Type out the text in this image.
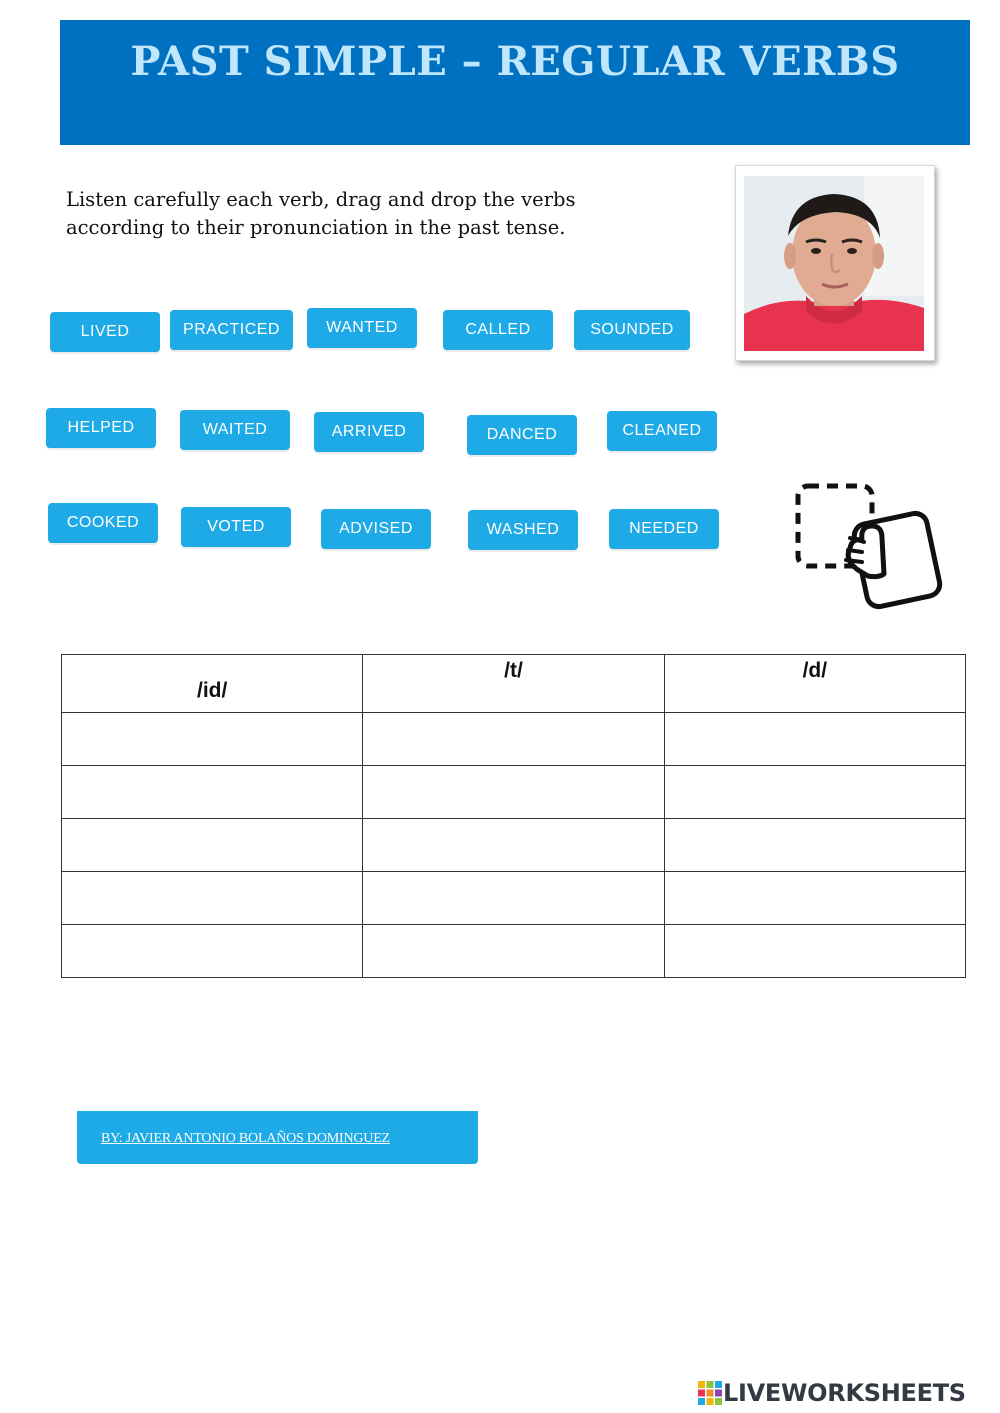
PAST SIMPLE – REGULAR VERBS
Listen carefully each verb, drag and drop the verbs
according to their pronunciation in the past tense.
LIVED	PRACTICED	WANTED	CALLED	SOUNDED
HELPED	WAITED	ARRIVED	DANCED	CLEANED
COOKED	VOTED	ADVISED	WASHED	NEEDED
/id/	/t/	/d/

BY: JAVIER ANTONIO BOLAÑOS DOMINGUEZ
LIVEWORKSHEETS
